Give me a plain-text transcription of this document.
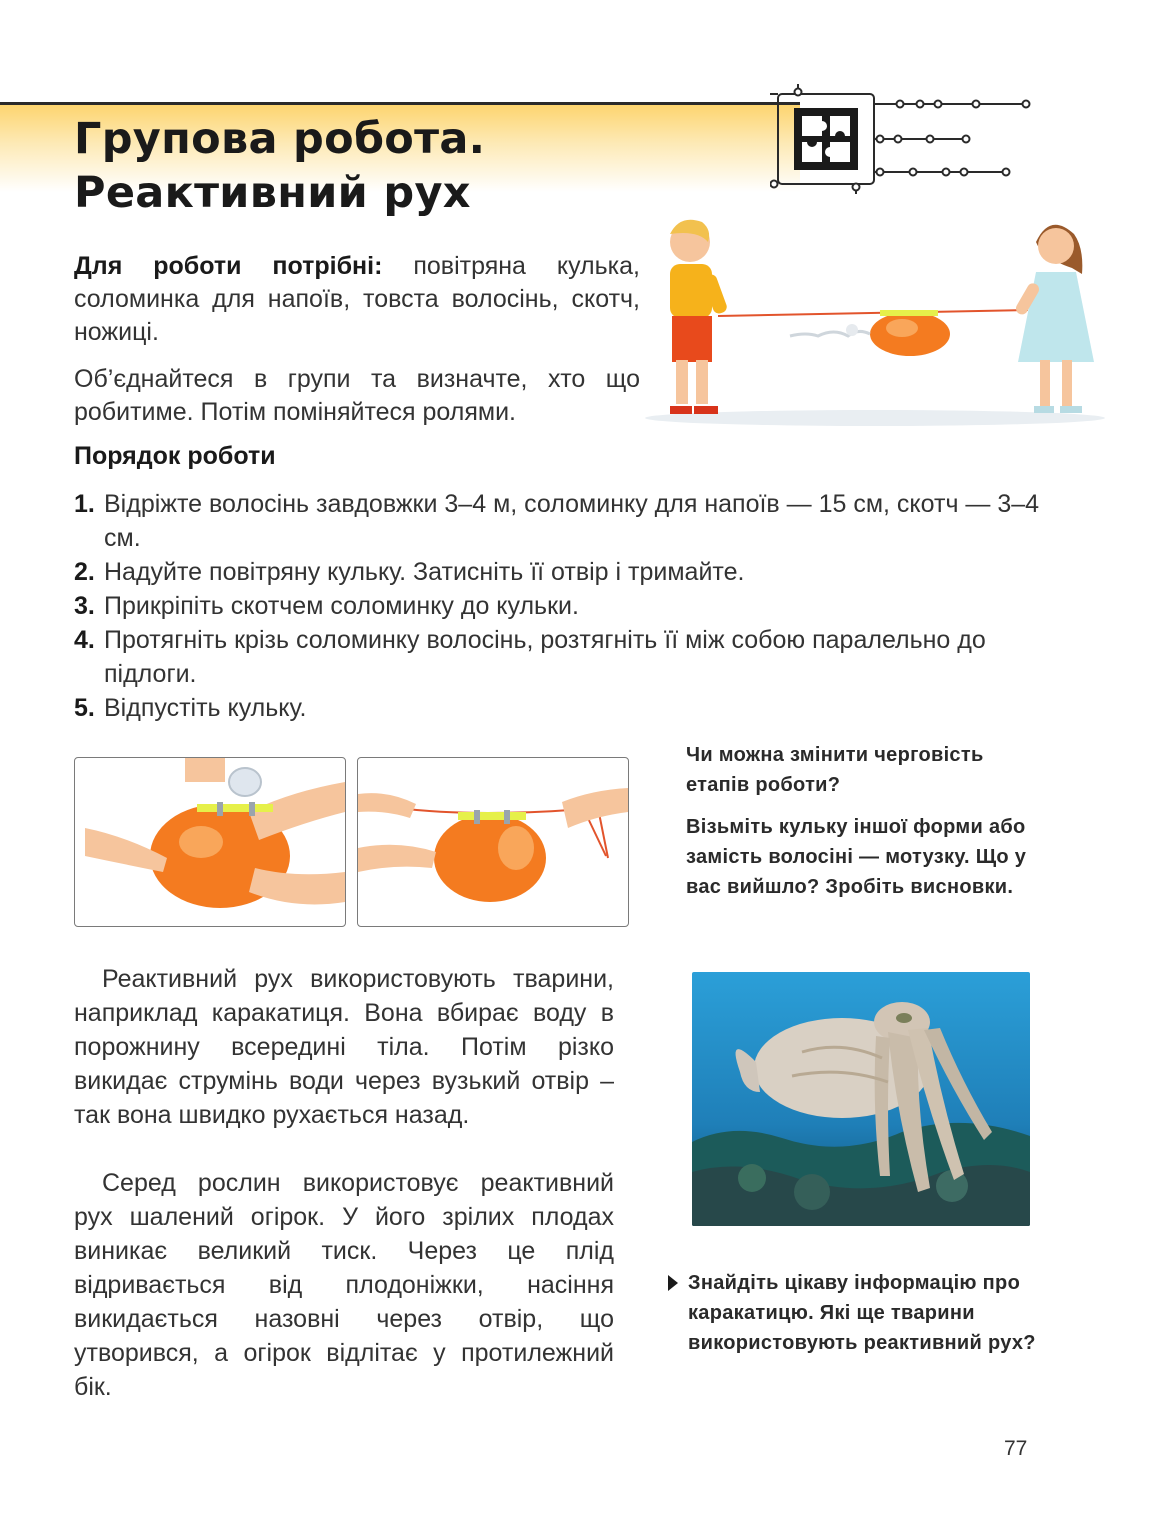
Групова робота.
Реактивний рух

Для роботи потрібні: повітряна кулька, соломинка для напоїв, товста волосінь, скотч, ножиці.

Об’єднайтеся в групи та визначте, хто що робитиме. Потім поміняйтеся ролями.

Порядок роботи
1. Відріжте волосінь завдовжки 3–4 м, соломинку для напоїв — 15 см, скотч — 3–4 см.
2. Надуйте повітряну кульку. Затисніть її отвір і тримайте.
3. Прикріпіть скотчем соломинку до кульки.
4. Протягніть крізь соломинку волосінь, розтягніть її між собою паралельно до підлоги.
5. Відпустіть кульку.

Чи можна змінити черговість етапів роботи?

Візьміть кульку іншої форми або замість волосіні — мотузку. Що у вас вийшло? Зробіть висновки.

Реактивний рух використовують тварини, наприклад каракатиця. Вона вбирає воду в порожнину всередині тіла. Потім різко викидає струмінь води через вузький отвір – так вона швидко рухається назад.

Серед рослин використовує реактивний рух шалений огірок. У його зрілих плодах виникає великий тиск. Через це плід відривається від плодоніжки, насіння викидається назовні через отвір, що утворився, а огірок відлітає у протилежний бік.

Знайдіть цікаву інформацію про каракатицю. Які ще тварини використовують реактивний рух?

77
